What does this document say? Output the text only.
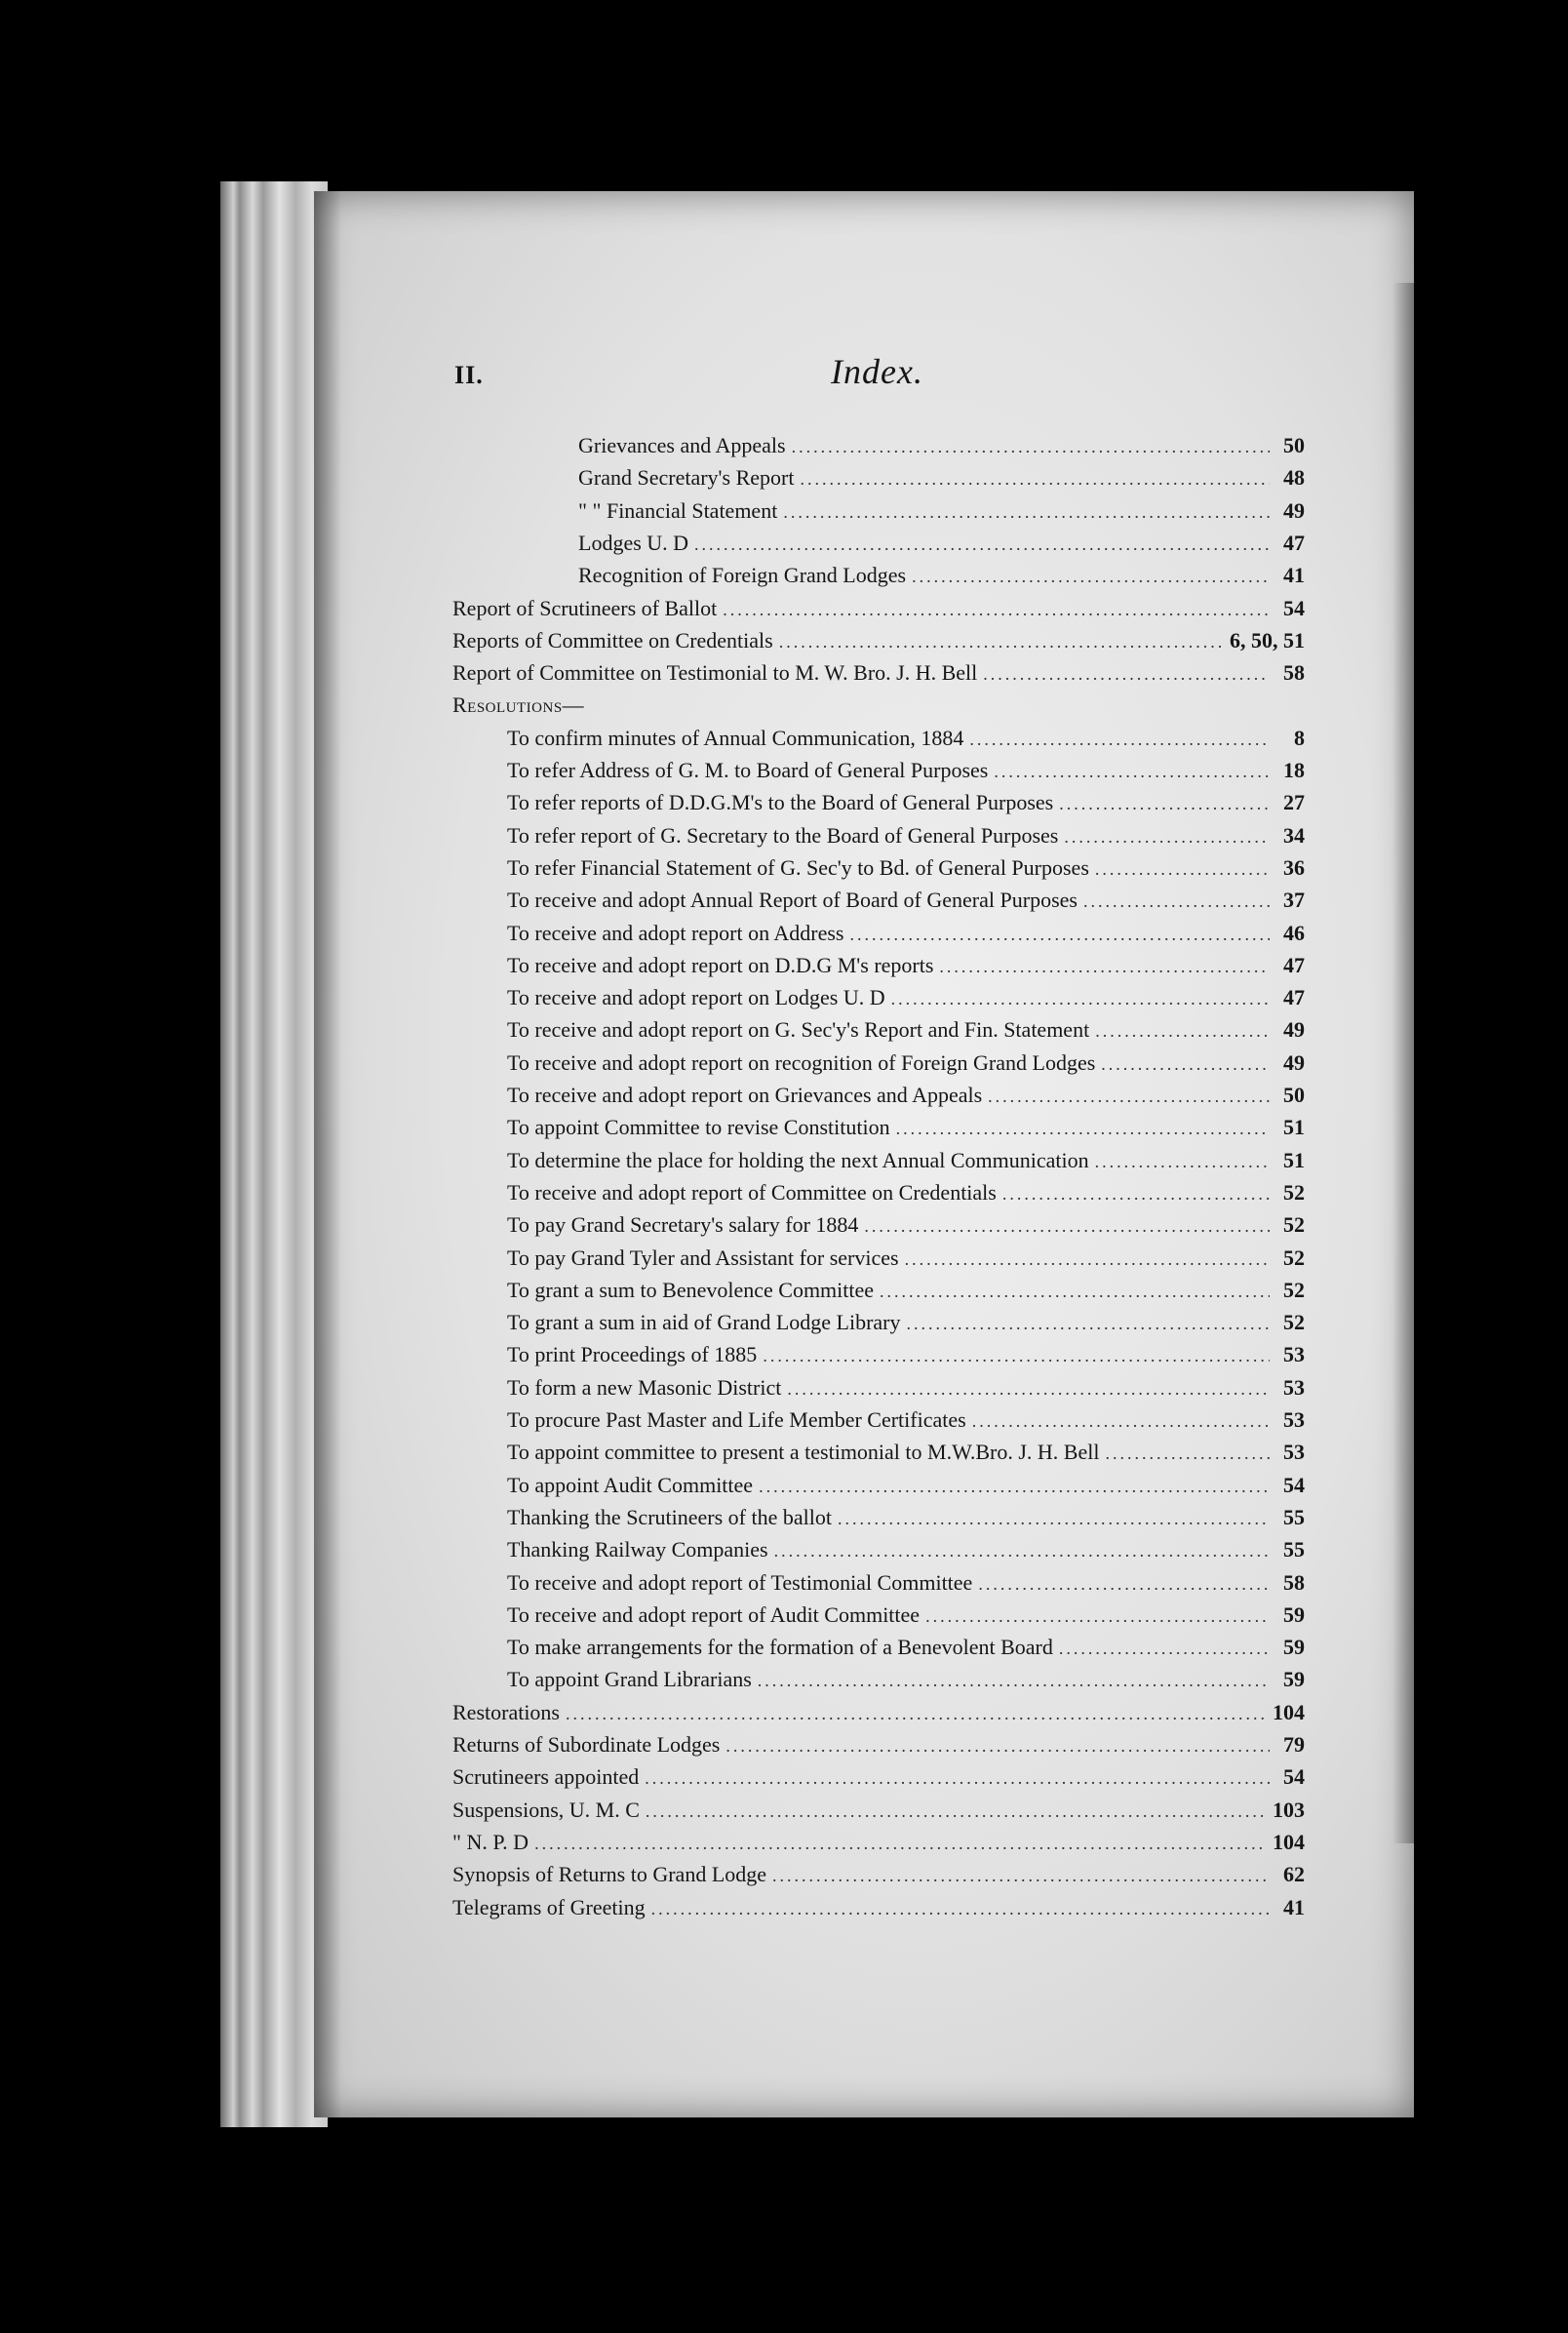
II.	Index.
Grievances and Appeals .....	50
Grand Secretary's Report .....	48
" " Financial Statement .....	49
Lodges U. D .....	47
Recognition of Foreign Grand Lodges .....	41
Report of Scrutineers of Ballot .....	54
Reports of Committee on Credentials .....	6, 50, 51
Report of Committee on Testimonial to M. W. Bro. J. H. Bell .....	58
Resolutions—
To confirm minutes of Annual Communication, 1884 .....	8
To refer Address of G. M. to Board of General Purposes .....	18
To refer reports of D.D.G.M's to the Board of General Purposes .....	27
To refer report of G. Secretary to the Board of General Purposes .....	34
To refer Financial Statement of G. Sec'y to Bd. of General Purposes .....	36
To receive and adopt Annual Report of Board of General Purposes .....	37
To receive and adopt report on Address .....	46
To receive and adopt report on D.D.G M's reports .....	47
To receive and adopt report on Lodges U. D .....	47
To receive and adopt report on G. Sec'y's Report and Fin. Statement .....	49
To receive and adopt report on recognition of Foreign Grand Lodges .....	49
To receive and adopt report on Grievances and Appeals .....	50
To appoint Committee to revise Constitution .....	51
To determine the place for holding the next Annual Communication .....	51
To receive and adopt report of Committee on Credentials .....	52
To pay Grand Secretary's salary for 1884 .....	52
To pay Grand Tyler and Assistant for services .....	52
To grant a sum to Benevolence Committee .....	52
To grant a sum in aid of Grand Lodge Library .....	52
To print Proceedings of 1885 .....	53
To form a new Masonic District .....	53
To procure Past Master and Life Member Certificates .....	53
To appoint committee to present a testimonial to M.W.Bro. J. H. Bell .....	53
To appoint Audit Committee .....	54
Thanking the Scrutineers of the ballot .....	55
Thanking Railway Companies .....	55
To receive and adopt report of Testimonial Committee .....	58
To receive and adopt report of Audit Committee .....	59
To make arrangements for the formation of a Benevolent Board .....	59
To appoint Grand Librarians .....	59
Restorations .....	104
Returns of Subordinate Lodges .....	79
Scrutineers appointed .....	54
Suspensions, U. M. C .....	103
" N. P. D .....	104
Synopsis of Returns to Grand Lodge .....	62
Telegrams of Greeting .....	41
